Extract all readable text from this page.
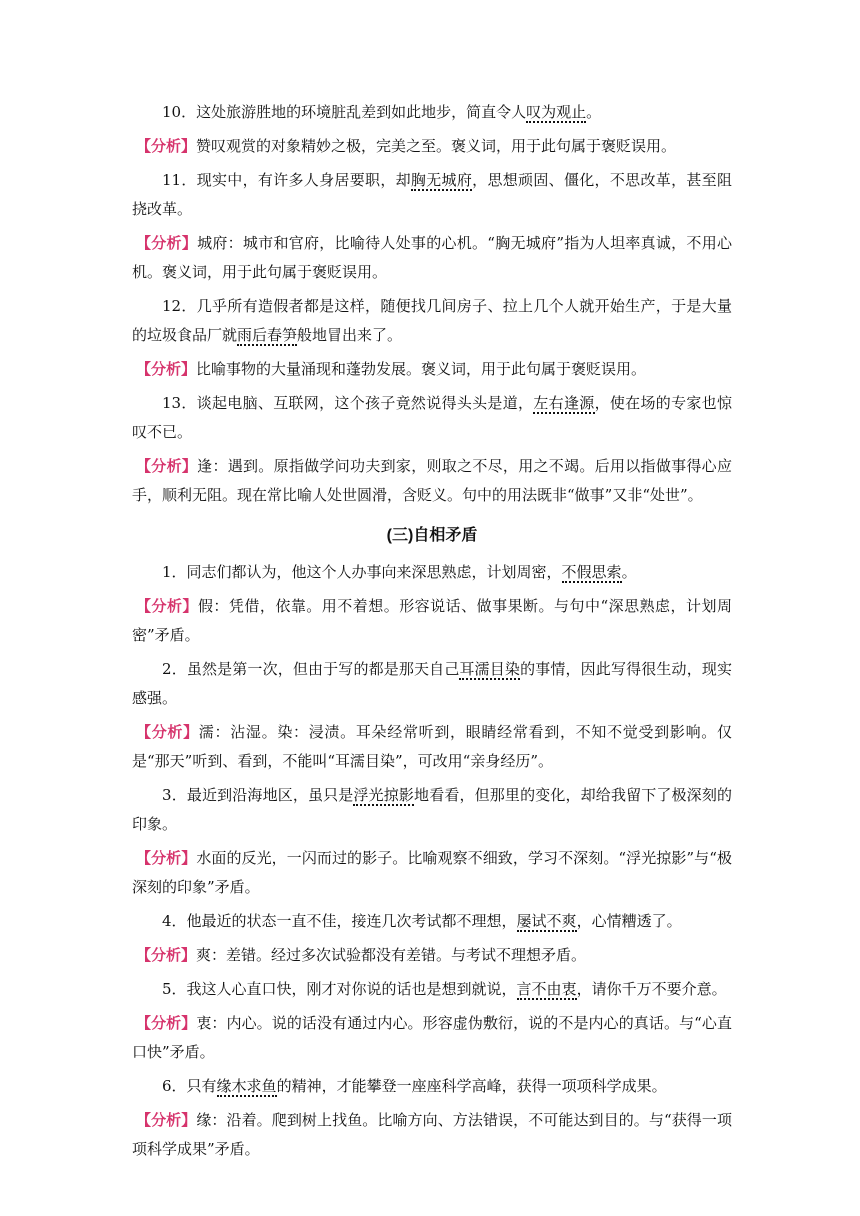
10．这处旅游胜地的环境脏乱差到如此地步，简直令人叹为观止。

【分析】赞叹观赏的对象精妙之极，完美之至。褒义词，用于此句属于褒贬误用。

11．现实中，有许多人身居要职，却胸无城府，思想顽固、僵化，不思改革，甚至阻挠改革。

【分析】城府：城市和官府，比喻待人处事的心机。“胸无城府”指为人坦率真诚，不用心机。褒义词，用于此句属于褒贬误用。

12．几乎所有造假者都是这样，随便找几间房子、拉上几个人就开始生产，于是大量的垃圾食品厂就雨后春笋般地冒出来了。

【分析】比喻事物的大量涌现和蓬勃发展。褒义词，用于此句属于褒贬误用。

13．谈起电脑、互联网，这个孩子竟然说得头头是道，左右逢源，使在场的专家也惊叹不已。

【分析】逢：遇到。原指做学问功夫到家，则取之不尽，用之不竭。后用以指做事得心应手，顺利无阻。现在常比喻人处世圆滑，含贬义。句中的用法既非“做事”又非“处世”。

(三)自相矛盾

1．同志们都认为，他这个人办事向来深思熟虑，计划周密，不假思索。

【分析】假：凭借，依靠。用不着想。形容说话、做事果断。与句中“深思熟虑，计划周密”矛盾。

2．虽然是第一次，但由于写的都是那天自己耳濡目染的事情，因此写得很生动，现实感强。

【分析】濡：沾湿。染：浸渍。耳朵经常听到，眼睛经常看到，不知不觉受到影响。仅是“那天”听到、看到，不能叫“耳濡目染”，可改用“亲身经历”。

3．最近到沿海地区，虽只是浮光掠影地看看，但那里的变化，却给我留下了极深刻的印象。

【分析】水面的反光，一闪而过的影子。比喻观察不细致，学习不深刻。“浮光掠影”与“极深刻的印象”矛盾。

4．他最近的状态一直不佳，接连几次考试都不理想，屡试不爽，心情糟透了。

【分析】爽：差错。经过多次试验都没有差错。与考试不理想矛盾。

5．我这人心直口快，刚才对你说的话也是想到就说，言不由衷，请你千万不要介意。

【分析】衷：内心。说的话没有通过内心。形容虚伪敷衍，说的不是内心的真话。与“心直口快”矛盾。

6．只有缘木求鱼的精神，才能攀登一座座科学高峰，获得一项项科学成果。

【分析】缘：沿着。爬到树上找鱼。比喻方向、方法错误，不可能达到目的。与“获得一项项科学成果”矛盾。
